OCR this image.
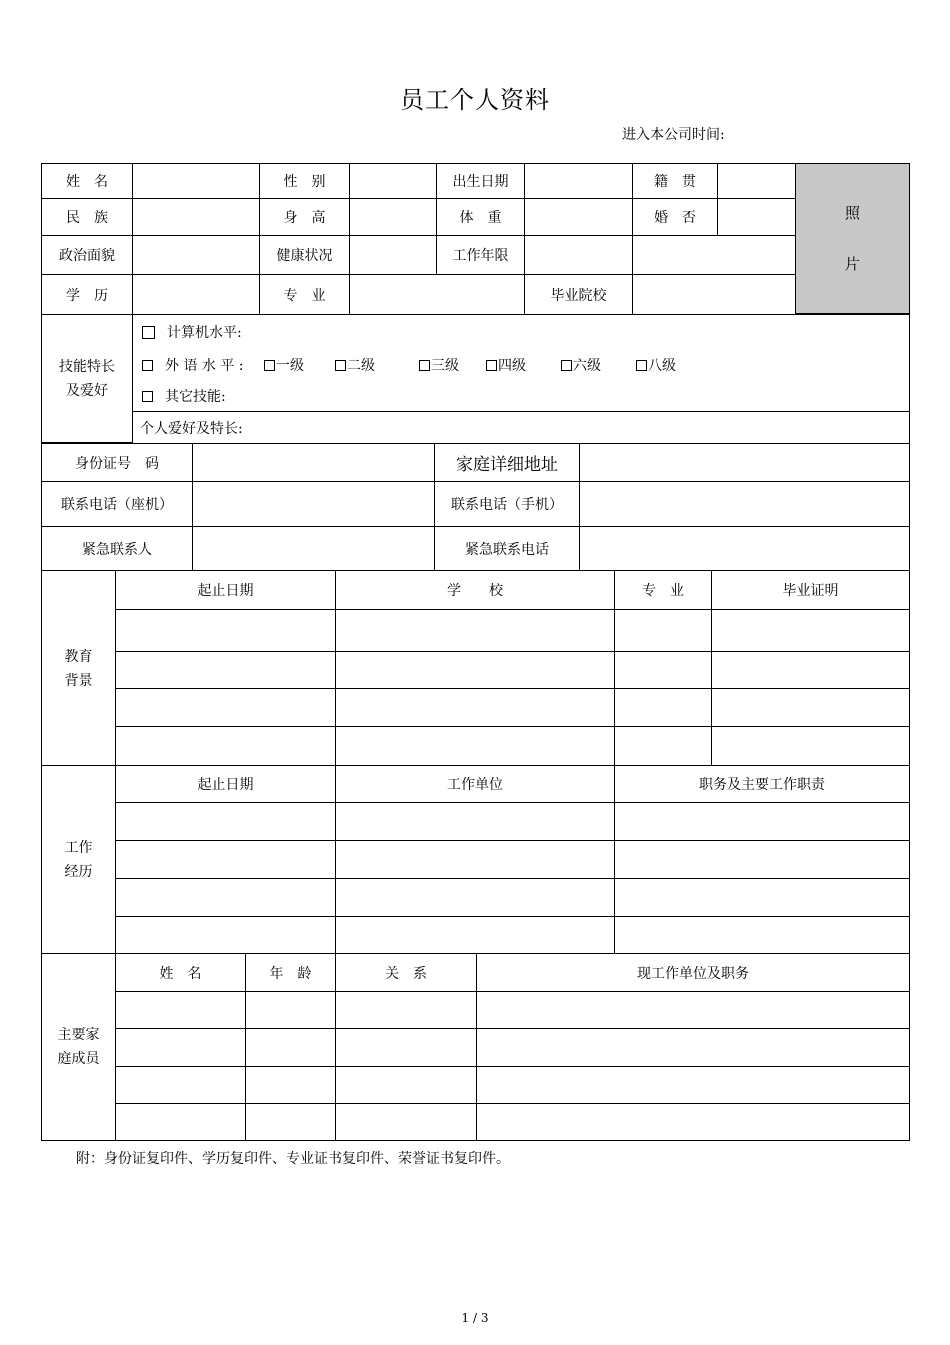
员工个人资料
进入本公司时间:
姓　名	性　别	出生日期	籍　贯
照
片
民　族	身　高	体　重	婚　否
政治面貌	健康状况	工作年限
学　历	专　业	毕业院校
技能特长
及爱好
计算机水平:
外 语 水 平 : 一级	二级	三级	四级	六级	八级
其它技能:
个人爱好及特长:
身份证号　码	家庭详细地址
联系电话（座机）	联系电话（手机）
紧急联系人	紧急联系电话
教育
背景
起止日期	学　　校	专　业	毕业证明
工作
经历
起止日期	工作单位	职务及主要工作职责
主要家
庭成员
姓　名	年　龄	关　系	现工作单位及职务
附：身份证复印件、学历复印件、专业证书复印件、荣誉证书复印件。
1 / 3
